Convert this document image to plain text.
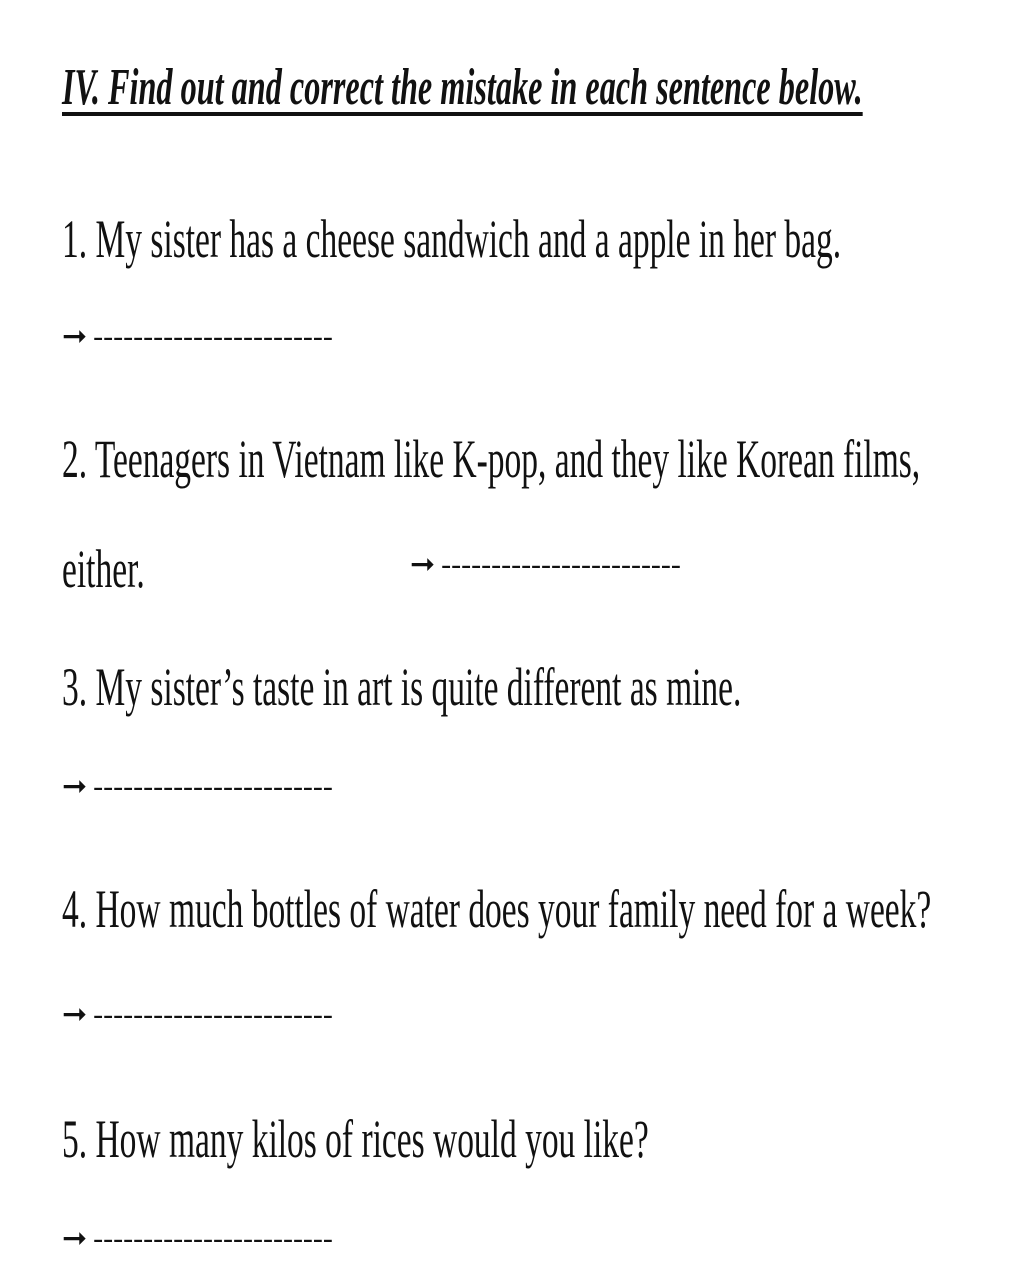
IV. Find out and correct the mistake in each sentence below.
1. My sister has a cheese sandwich and a apple in her bag.
➞ ------------------------
2. Teenagers in Vietnam like K-pop, and they like Korean films,
either.	➞ ------------------------
3. My sister’s taste in art is quite different as mine.
➞ ------------------------
4. How much bottles of water does your family need for a week?
➞ ------------------------
5. How many kilos of rices would you like?
➞ ------------------------
